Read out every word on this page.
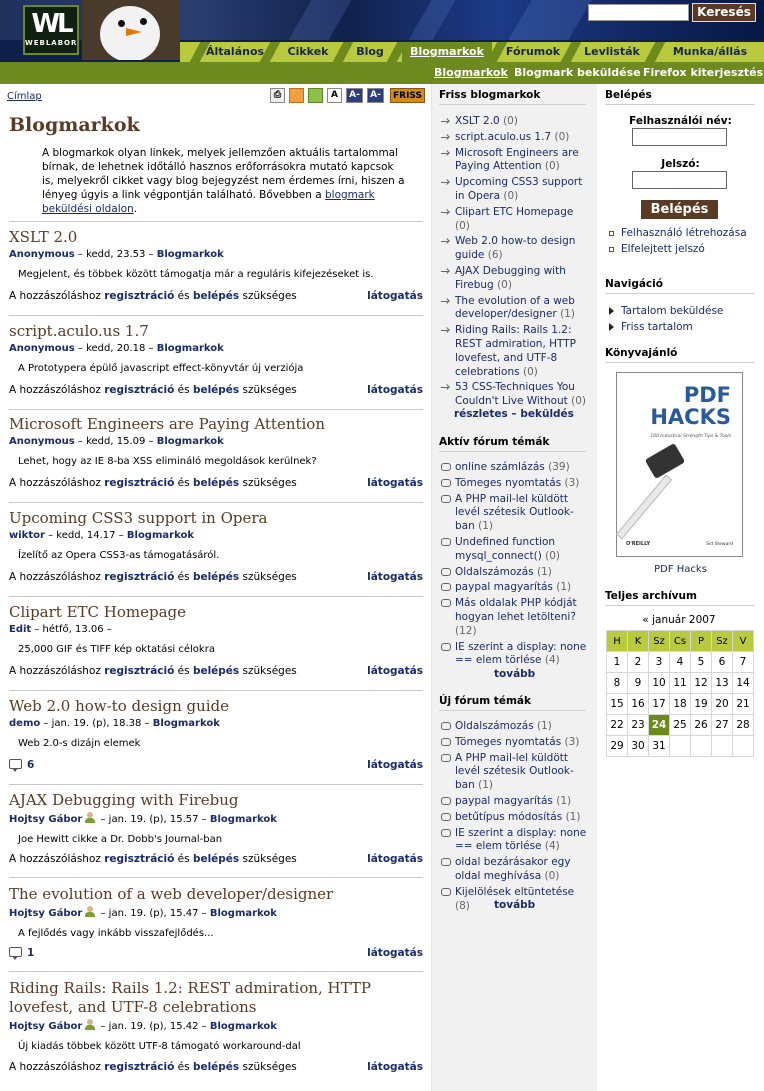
WL
WEBLABOR
Keresés
Általános	Cikkek	Blog	Blogmarkok	Fórumok	Levlisták	Munka/állás
Blogmarkok Blogmark beküldése Firefox kiterjesztés
Címlap	⎙	A	A-	A-	FRISS
Blogmarkok
A blogmarkok olyan linkek, melyek jellemzően aktuális tartalommal bírnak, de lehetnek időtálló hasznos erőforrásokra mutató kapcsok is, melyekről cikket vagy blog bejegyzést nem érdemes írni, hiszen a lényeg úgyis a link végpontján található. Bővebben a blogmark beküldési oldalon.
XSLT 2.0
Anonymous – kedd, 23.53 – Blogmarkok
Megjelent, és többek között támogatja már a reguláris kifejezéseket is.
A hozzászóláshoz regisztráció és belépés szükséges	látogatás
script.aculo.us 1.7
Anonymous – kedd, 20.18 – Blogmarkok
A Prototypera épülő javascript effect-könyvtár új verziója
A hozzászóláshoz regisztráció és belépés szükséges	látogatás
Microsoft Engineers are Paying Attention
Anonymous – kedd, 15.09 – Blogmarkok
Lehet, hogy az IE 8-ba XSS elimináló megoldások kerülnek?
A hozzászóláshoz regisztráció és belépés szükséges	látogatás
Upcoming CSS3 support in Opera
wiktor – kedd, 14.17 – Blogmarkok
Ízelítő az Opera CSS3-as támogatásáról.
A hozzászóláshoz regisztráció és belépés szükséges	látogatás
Clipart ETC Homepage
Edit – hétfő, 13.06 –
25,000 GIF és TIFF kép oktatási célokra
A hozzászóláshoz regisztráció és belépés szükséges	látogatás
Web 2.0 how-to design guide
demo – jan. 19. (p), 18.38 – Blogmarkok
Web 2.0-s dizájn elemek
6	látogatás
AJAX Debugging with Firebug
Hojtsy Gábor – jan. 19. (p), 15.57 – Blogmarkok
Joe Hewitt cikke a Dr. Dobb's Journal-ban
A hozzászóláshoz regisztráció és belépés szükséges	látogatás
The evolution of a web developer/designer
Hojtsy Gábor – jan. 19. (p), 15.47 – Blogmarkok
A fejlődés vagy inkább visszafejlődés...
1	látogatás
Riding Rails: Rails 1.2: REST admiration, HTTP lovefest, and UTF-8 celebrations
Hojtsy Gábor – jan. 19. (p), 15.42 – Blogmarkok
Új kiadás többek között UTF-8 támogató workaround-dal
A hozzászóláshoz regisztráció és belépés szükséges	látogatás
Friss blogmarkok
XSLT 2.0 (0)
script.aculo.us 1.7 (0)
Microsoft Engineers are Paying Attention (0)
Upcoming CSS3 support in Opera (0)
Clipart ETC Homepage (0)
Web 2.0 how-to design guide (6)
AJAX Debugging with Firebug (0)
The evolution of a web developer/designer (1)
Riding Rails: Rails 1.2: REST admiration, HTTP lovefest, and UTF-8 celebrations (0)
53 CSS-Techniques You Couldn't Live Without (0)
részletes – beküldés
Aktív fórum témák
online számlázás (39)
Tömeges nyomtatás (3)
A PHP mail-lel küldött levél szétesik Outlook-ban (1)
Undefined function mysql_connect() (0)
Oldalszámozás (1)
paypal magyarítás (1)
Más oldalak PHP kódját hogyan lehet letölteni? (12)
IE szerint a display: none == elem törlése (4)
tovább
Új fórum témák
Oldalszámozás (1)
Tömeges nyomtatás (3)
A PHP mail-lel küldött levél szétesik Outlook-ban (1)
paypal magyarítás (1)
betűtípus módosítás (1)
IE szerint a display: none == elem törlése (4)
oldal bezárásakor egy oldal meghívása (0)
Kijelölések eltüntetése (8)	tovább
Belépés
Felhasználói név:
Jelszó:
Belépés
Felhasználó létrehozása
Elfelejtett jelszó
Navigáció
Tartalom beküldése
Friss tartalom
Könyvajánló
PDF HACKS
100 Industrial-Strength Tips & Tools
O'REILLY	Sid Steward
PDF Hacks
Teljes archívum
« január 2007
H	K	Sz	Cs	P	Sz	V
1	2	3	4	5	6	7
8	9	10	11	12	13	14
15	16	17	18	19	20	21
22	23	24	25	26	27	28
29	30	31				
